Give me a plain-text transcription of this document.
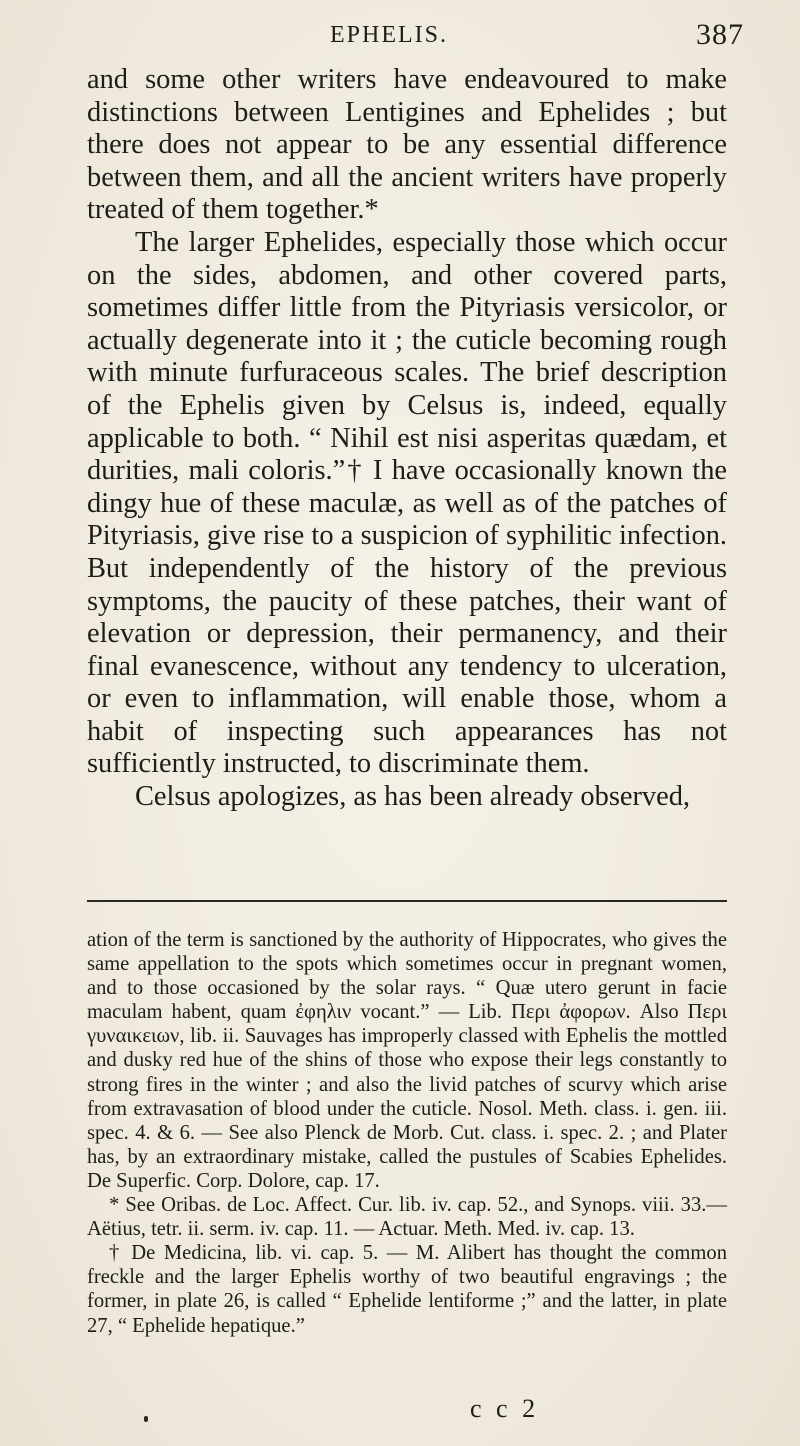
EPHELIS.	387

and some other writers have endeavoured to make distinctions between Lentigines and Ephelides ; but there does not appear to be any essential difference between them, and all the ancient writers have properly treated of them together.*

The larger Ephelides, especially those which occur on the sides, abdomen, and other covered parts, sometimes differ little from the Pityriasis versicolor, or actually degenerate into it ; the cuticle becoming rough with minute furfuraceous scales. The brief description of the Ephelis given by Celsus is, indeed, equally applicable to both. “ Nihil est nisi asperitas quædam, et durities, mali coloris.”† I have occasionally known the dingy hue of these maculæ, as well as of the patches of Pityriasis, give rise to a suspicion of syphilitic infection. But independently of the history of the previous symptoms, the paucity of these patches, their want of elevation or depression, their permanency, and their final evanescence, without any tendency to ulceration, or even to inflammation, will enable those, whom a habit of inspecting such appearances has not sufficiently instructed, to discriminate them.

Celsus apologizes, as has been already observed,

ation of the term is sanctioned by the authority of Hippocrates, who gives the same appellation to the spots which sometimes occur in pregnant women, and to those occasioned by the solar rays. “ Quæ utero gerunt in facie maculam habent, quam ἐφηλιν vocant.” — Lib. Περι ἀφορων. Also Περι γυναικειων, lib. ii. Sauvages has improperly classed with Ephelis the mottled and dusky red hue of the shins of those who expose their legs constantly to strong fires in the winter ; and also the livid patches of scurvy which arise from extravasation of blood under the cuticle. Nosol. Meth. class. i. gen. iii. spec. 4. & 6. — See also Plenck de Morb. Cut. class. i. spec. 2. ; and Plater has, by an extraordinary mistake, called the pustules of Scabies Ephelides. De Superfic. Corp. Dolore, cap. 17.

* See Oribas. de Loc. Affect. Cur. lib. iv. cap. 52., and Synops. viii. 33.— Aëtius, tetr. ii. serm. iv. cap. 11. — Actuar. Meth. Med. iv. cap. 13.

† De Medicina, lib. vi. cap. 5. — M. Alibert has thought the common freckle and the larger Ephelis worthy of two beautiful engravings ; the former, in plate 26, is called “ Ephelide lentiforme ;” and the latter, in plate 27, “ Ephelide hepatique.”

c c 2
